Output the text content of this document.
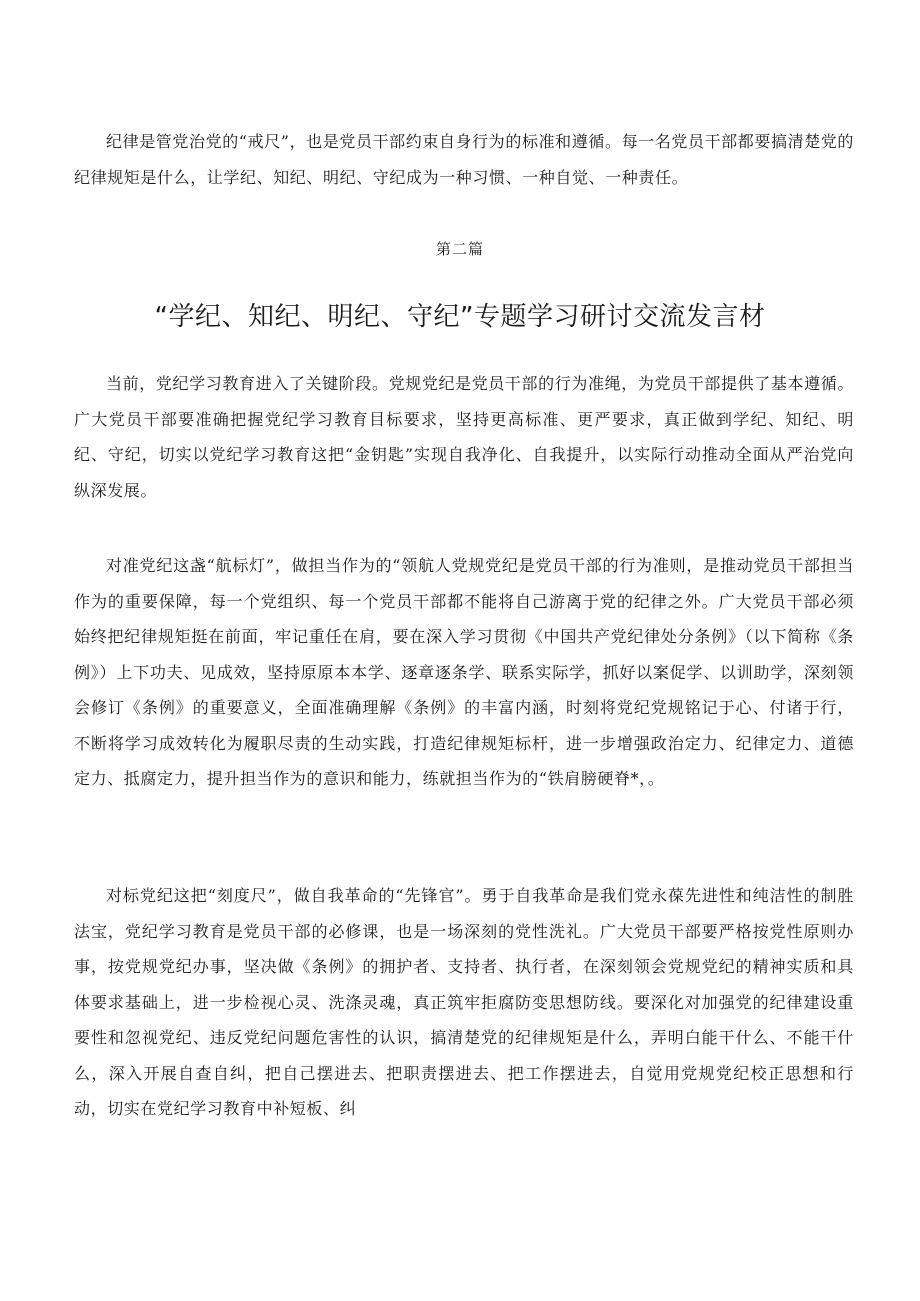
纪律是管党治党的“戒尺”，也是党员干部约束自身行为的标准和遵循。每一名党员干部都要搞清楚党的纪律规矩是什么，让学纪、知纪、明纪、守纪成为一种习惯、一种自觉、一种责任。

第二篇

“学纪、知纪、明纪、守纪”专题学习研讨交流发言材

当前，党纪学习教育进入了关键阶段。党规党纪是党员干部的行为准绳，为党员干部提供了基本遵循。广大党员干部要准确把握党纪学习教育目标要求，坚持更高标准、更严要求，真正做到学纪、知纪、明纪、守纪，切实以党纪学习教育这把“金钥匙”实现自我净化、自我提升，以实际行动推动全面从严治党向纵深发展。

对准党纪这盏“航标灯”，做担当作为的“领航人党规党纪是党员干部的行为准则，是推动党员干部担当作为的重要保障，每一个党组织、每一个党员干部都不能将自己游离于党的纪律之外。广大党员干部必须始终把纪律规矩挺在前面，牢记重任在肩，要在深入学习贯彻《中国共产党纪律处分条例》（以下简称《条例》）上下功夫、见成效，坚持原原本本学、逐章逐条学、联系实际学，抓好以案促学、以训助学，深刻领会修订《条例》的重要意义，全面准确理解《条例》的丰富内涵，时刻将党纪党规铭记于心、付诸于行，不断将学习成效转化为履职尽责的生动实践，打造纪律规矩标杆，进一步增强政治定力、纪律定力、道德定力、抵腐定力，提升担当作为的意识和能力，练就担当作为的“铁肩膀硬脊*，。

对标党纪这把“刻度尺”，做自我革命的“先锋官”。勇于自我革命是我们党永葆先进性和纯洁性的制胜法宝，党纪学习教育是党员干部的必修课，也是一场深刻的党性洗礼。广大党员干部要严格按党性原则办事，按党规党纪办事，坚决做《条例》的拥护者、支持者、执行者，在深刻领会党规党纪的精神实质和具体要求基础上，进一步检视心灵、洗涤灵魂，真正筑牢拒腐防变思想防线。要深化对加强党的纪律建设重要性和忽视党纪、违反党纪问题危害性的认识，搞清楚党的纪律规矩是什么，弄明白能干什么、不能干什么，深入开展自查自纠，把自己摆进去、把职责摆进去、把工作摆进去，自觉用党规党纪校正思想和行动，切实在党纪学习教育中补短板、纠
